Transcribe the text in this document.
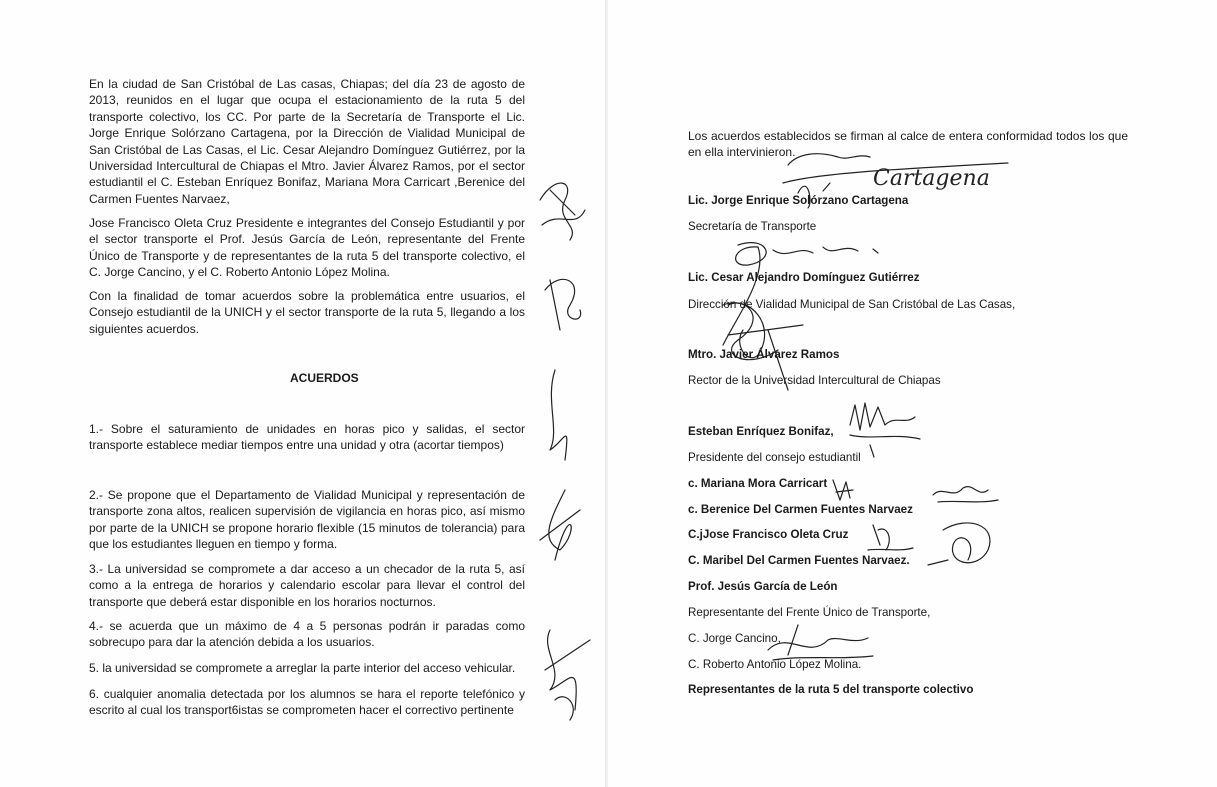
En la ciudad de San Cristóbal de Las casas, Chiapas; del día 23 de agosto de 2013, reunidos en el lugar que ocupa el estacionamiento de la ruta 5 del transporte colectivo, los CC. Por parte de la Secretaría de Transporte el Lic. Jorge Enrique Solórzano Cartagena, por la Dirección de Vialidad Municipal de San Cristóbal de Las Casas, el Lic. Cesar Alejandro Domínguez Gutiérrez, por la Universidad Intercultural de Chiapas el Mtro. Javier Álvarez Ramos, por el sector estudiantil el C. Esteban Enríquez Bonifaz, Mariana Mora Carricart ,Berenice del Carmen Fuentes Narvaez,

Jose Francisco Oleta Cruz Presidente e integrantes del Consejo Estudiantil y por el sector transporte el Prof. Jesús García de León, representante del Frente Único de Transporte y de representantes de la ruta 5 del transporte colectivo, el C. Jorge Cancino, y el C. Roberto Antonio López Molina.

Con la finalidad de tomar acuerdos sobre la problemática entre usuarios, el Consejo estudiantil de la UNICH y el sector transporte de la ruta 5, llegando a los siguientes acuerdos.

ACUERDOS

1.- Sobre el saturamiento de unidades en horas pico y salidas, el sector transporte establece mediar tiempos entre una unidad y otra (acortar tiempos)

2.- Se propone que el Departamento de Vialidad Municipal y representación de transporte zona altos, realicen supervisión de vigilancia en horas pico, así mismo por parte de la UNICH se propone horario flexible (15 minutos de tolerancia) para que los estudiantes lleguen en tiempo y forma.

3.- La universidad se compromete a dar acceso a un checador de la ruta 5, así como a la entrega de horarios y calendario escolar para llevar el control del transporte que deberá estar disponible en los horarios nocturnos.

4.- se acuerda que un máximo de 4 a 5 personas podrán ir paradas como sobrecupo para dar la atención debida a los usuarios.

5. la universidad se compromete a arreglar la parte interior del acceso vehicular.

6. cualquier anomalia detectada por los alumnos se hara el reporte telefónico y escrito al cual los transport6istas se comprometen hacer el correctivo pertinente

Los acuerdos establecidos se firman al calce de entera conformidad todos los que en ella intervinieron.

Cartagena

Lic. Jorge Enrique Solórzano Cartagena

Secretaría de Transporte

Lic. Cesar Alejandro Domínguez Gutiérrez

Dirección de Vialidad Municipal de San Cristóbal de Las Casas,

Mtro. Javier Álvarez Ramos

Rector de la Universidad Intercultural de Chiapas

Esteban Enríquez Bonifaz,

Presidente del consejo estudiantil

c. Mariana Mora Carricart

c. Berenice Del Carmen Fuentes Narvaez

C.jJose Francisco Oleta Cruz

C. Maribel Del Carmen Fuentes Narvaez.

Prof. Jesús García de León

Representante del Frente Único de Transporte,

C. Jorge Cancino,

C. Roberto Antonio López Molina.

Representantes de la ruta 5 del transporte colectivo
